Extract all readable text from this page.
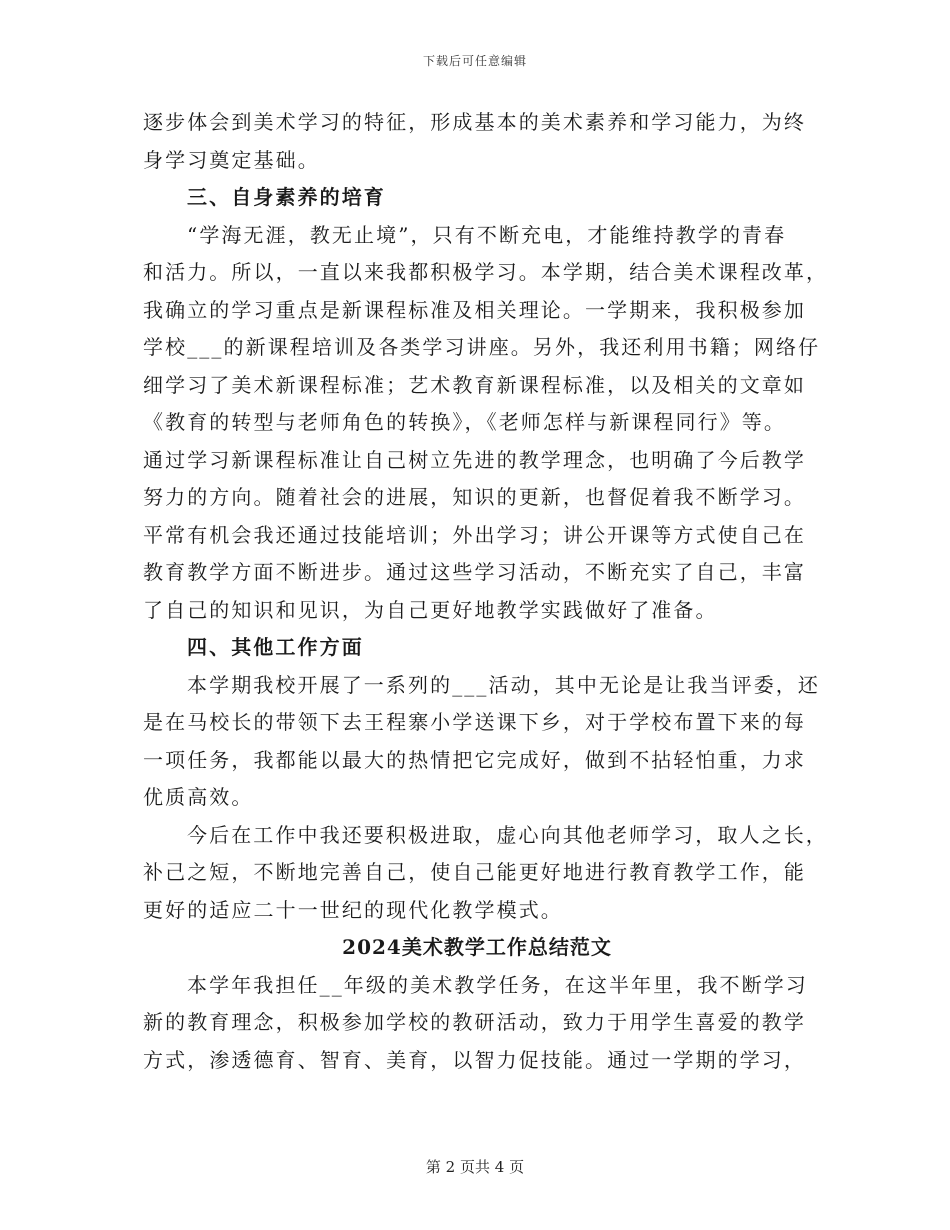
下载后可任意编辑
逐步体会到美术学习的特征，形成基本的美术素养和学习能力，为终
身学习奠定基础。
三、自身素养的培育
“学海无涯，教无止境”，只有不断充电，才能维持教学的青春
和活力。所以，一直以来我都积极学习。本学期，结合美术课程改革，
我确立的学习重点是新课程标准及相关理论。一学期来，我积极参加
学校___的新课程培训及各类学习讲座。另外，我还利用书籍；网络仔
细学习了美术新课程标准；艺术教育新课程标准，以及相关的文章如
《教育的转型与老师角色的转换》，《老师怎样与新课程同行》等。
通过学习新课程标准让自己树立先进的教学理念，也明确了今后教学
努力的方向。随着社会的进展，知识的更新，也督促着我不断学习。
平常有机会我还通过技能培训；外出学习；讲公开课等方式使自己在
教育教学方面不断进步。通过这些学习活动，不断充实了自己，丰富
了自己的知识和见识，为自己更好地教学实践做好了准备。
四、其他工作方面
本学期我校开展了一系列的___活动，其中无论是让我当评委，还
是在马校长的带领下去王程寨小学送课下乡，对于学校布置下来的每
一项任务，我都能以最大的热情把它完成好，做到不拈轻怕重，力求
优质高效。
今后在工作中我还要积极进取，虚心向其他老师学习，取人之长，
补己之短，不断地完善自己，使自己能更好地进行教育教学工作，能
更好的适应二十一世纪的现代化教学模式。
2024美术教学工作总结范文
本学年我担任__年级的美术教学任务，在这半年里，我不断学习
新的教育理念，积极参加学校的教研活动，致力于用学生喜爱的教学
方式，渗透德育、智育、美育，以智力促技能。通过一学期的学习，
第 2 页共 4 页
